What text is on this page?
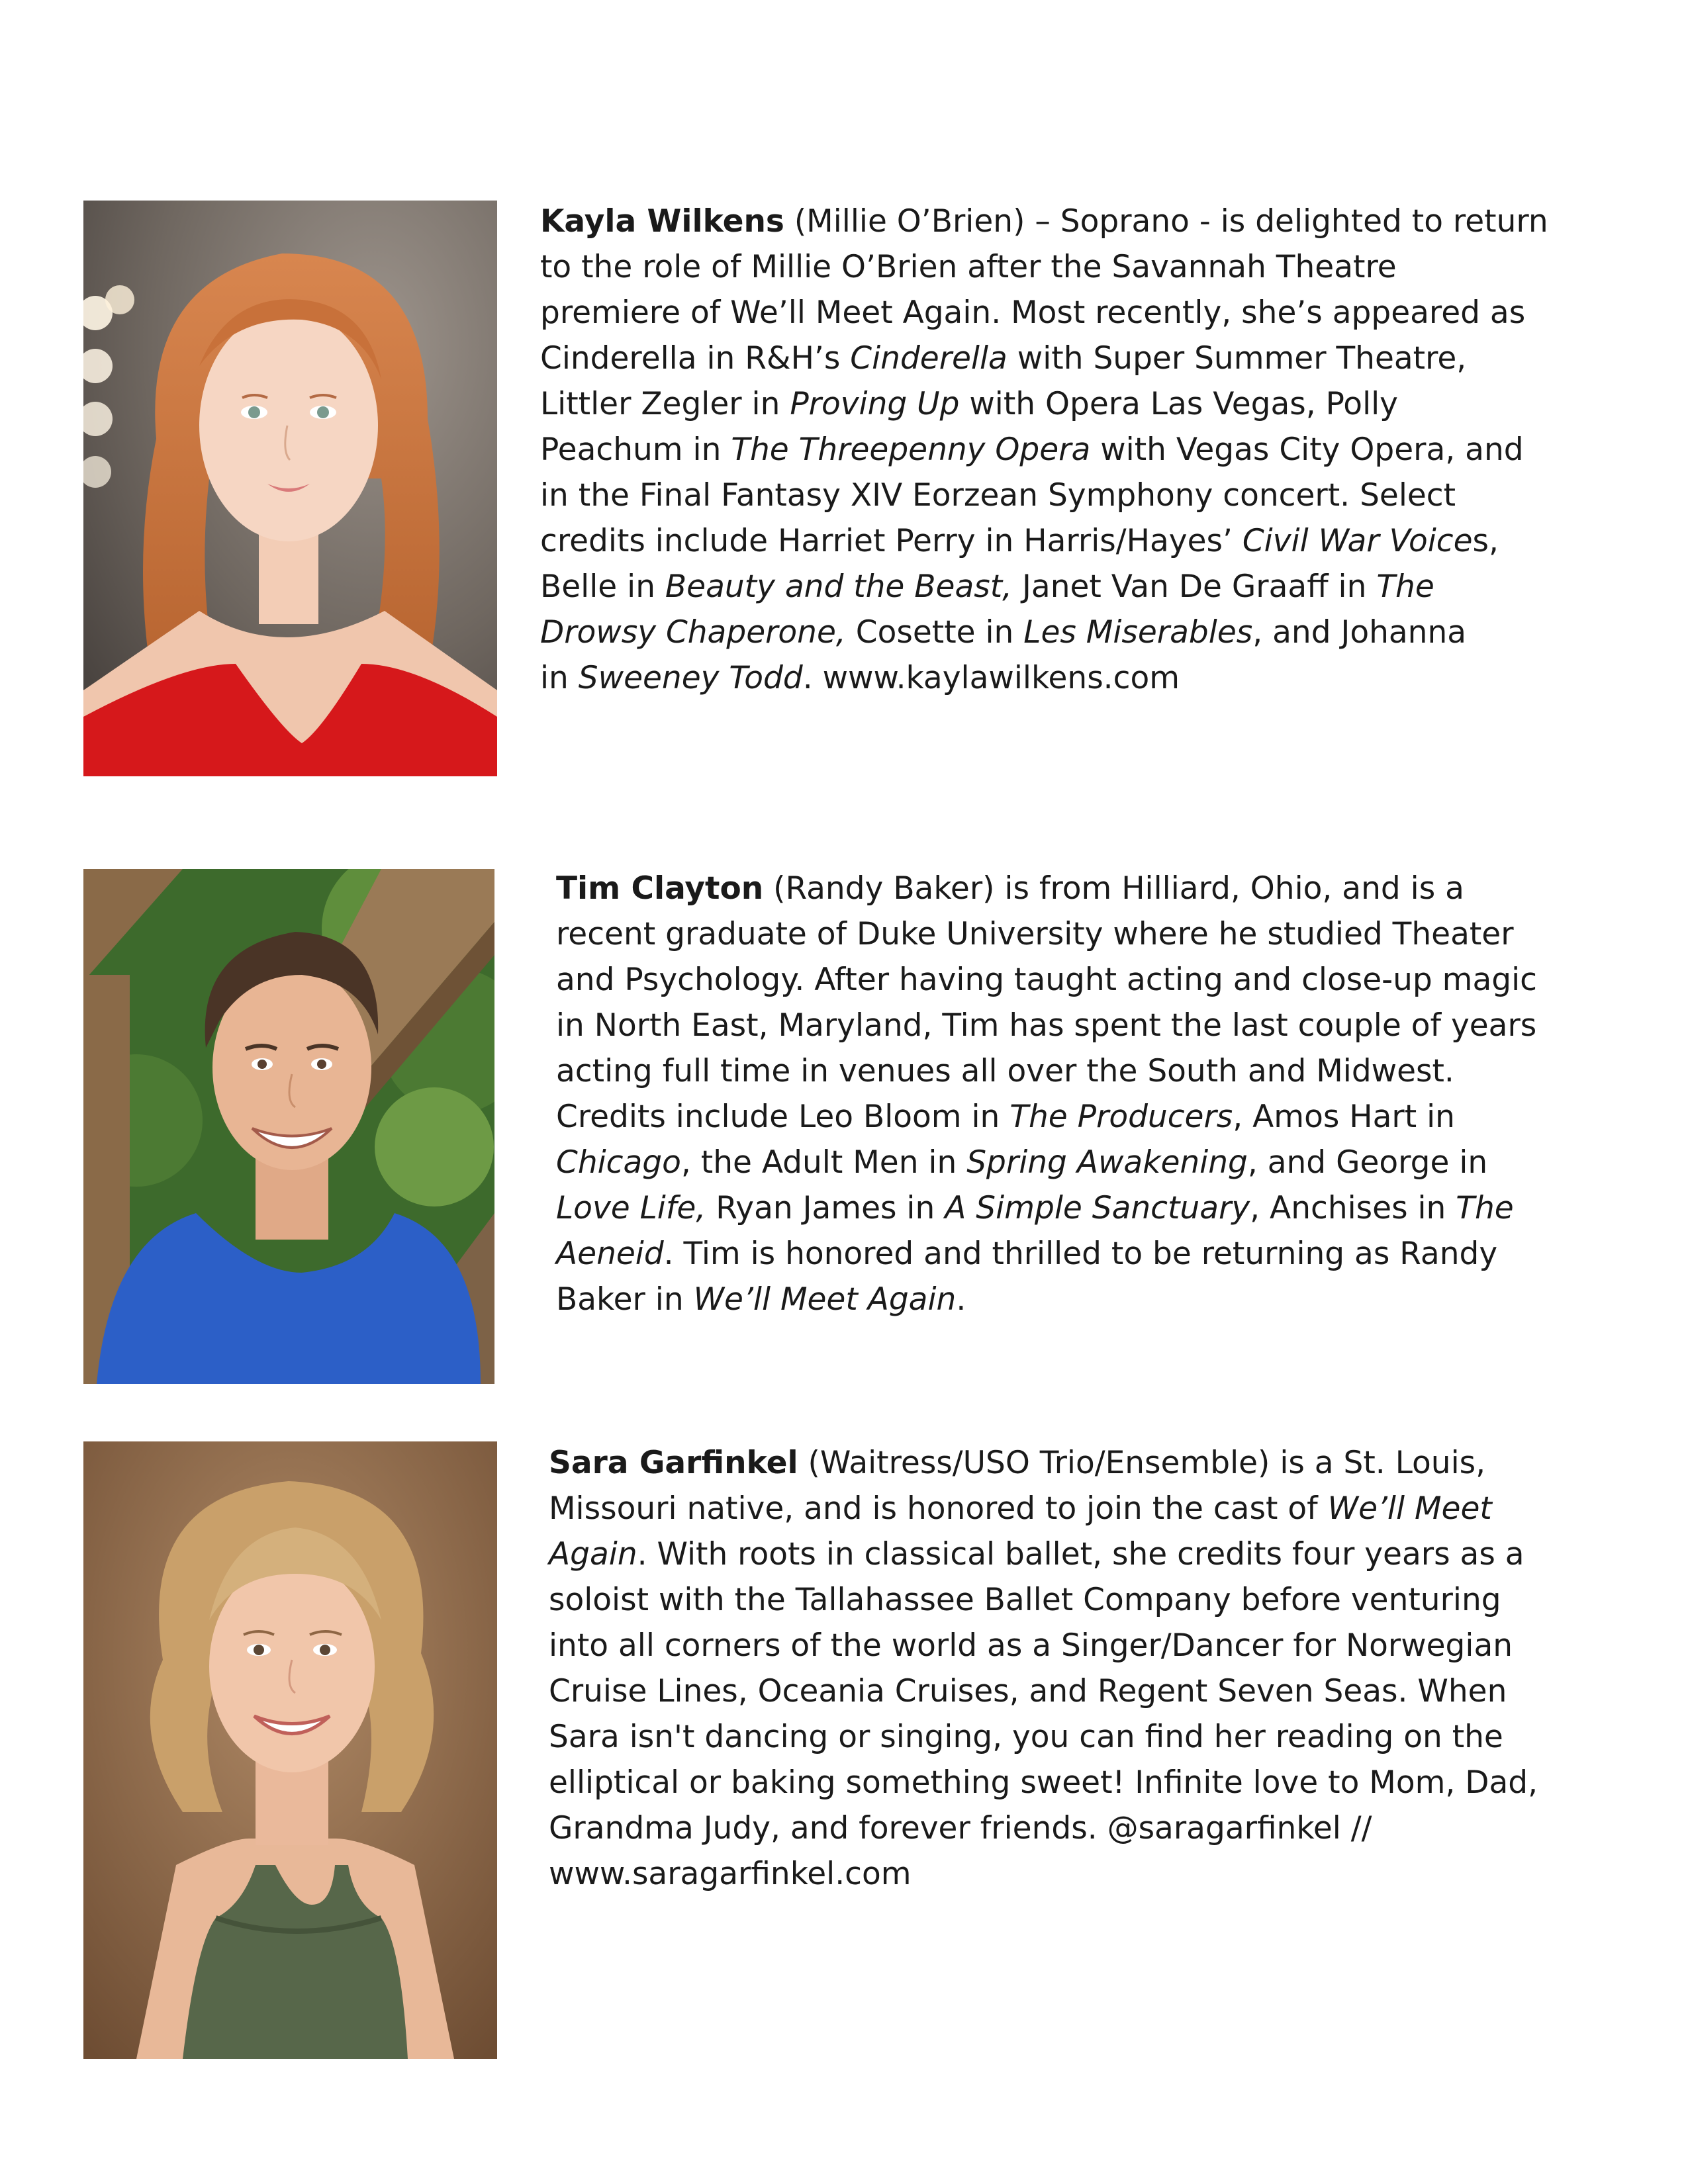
Kayla Wilkens (Millie O’Brien) – Soprano - is delighted to return
to the role of Millie O’Brien after the Savannah Theatre
premiere of We’ll Meet Again. Most recently, she’s appeared as
Cinderella in R&H’s Cinderella with Super Summer Theatre,
Littler Zegler in Proving Up with Opera Las Vegas, Polly
Peachum in The Threepenny Opera with Vegas City Opera, and
in the Final Fantasy XIV Eorzean Symphony concert. Select
credits include Harriet Perry in Harris/Hayes’ Civil War Voices,
Belle in Beauty and the Beast, Janet Van De Graaff in The
Drowsy Chaperone, Cosette in Les Miserables, and Johanna
in Sweeney Todd. www.kaylawilkens.com
Tim Clayton (Randy Baker) is from Hilliard, Ohio, and is a
recent graduate of Duke University where he studied Theater
and Psychology. After having taught acting and close-up magic
in North East, Maryland, Tim has spent the last couple of years
acting full time in venues all over the South and Midwest.
Credits include Leo Bloom in The Producers, Amos Hart in
Chicago, the Adult Men in Spring Awakening, and George in
Love Life, Ryan James in A Simple Sanctuary, Anchises in The
Aeneid. Tim is honored and thrilled to be returning as Randy
Baker in We’ll Meet Again.
Sara Garfinkel (Waitress/USO Trio/Ensemble) is a St. Louis,
Missouri native, and is honored to join the cast of We’ll Meet
Again. With roots in classical ballet, she credits four years as a
soloist with the Tallahassee Ballet Company before venturing
into all corners of the world as a Singer/Dancer for Norwegian
Cruise Lines, Oceania Cruises, and Regent Seven Seas. When
Sara isn't dancing or singing, you can find her reading on the
elliptical or baking something sweet! Infinite love to Mom, Dad,
Grandma Judy, and forever friends. @saragarfinkel //
www.saragarfinkel.com
